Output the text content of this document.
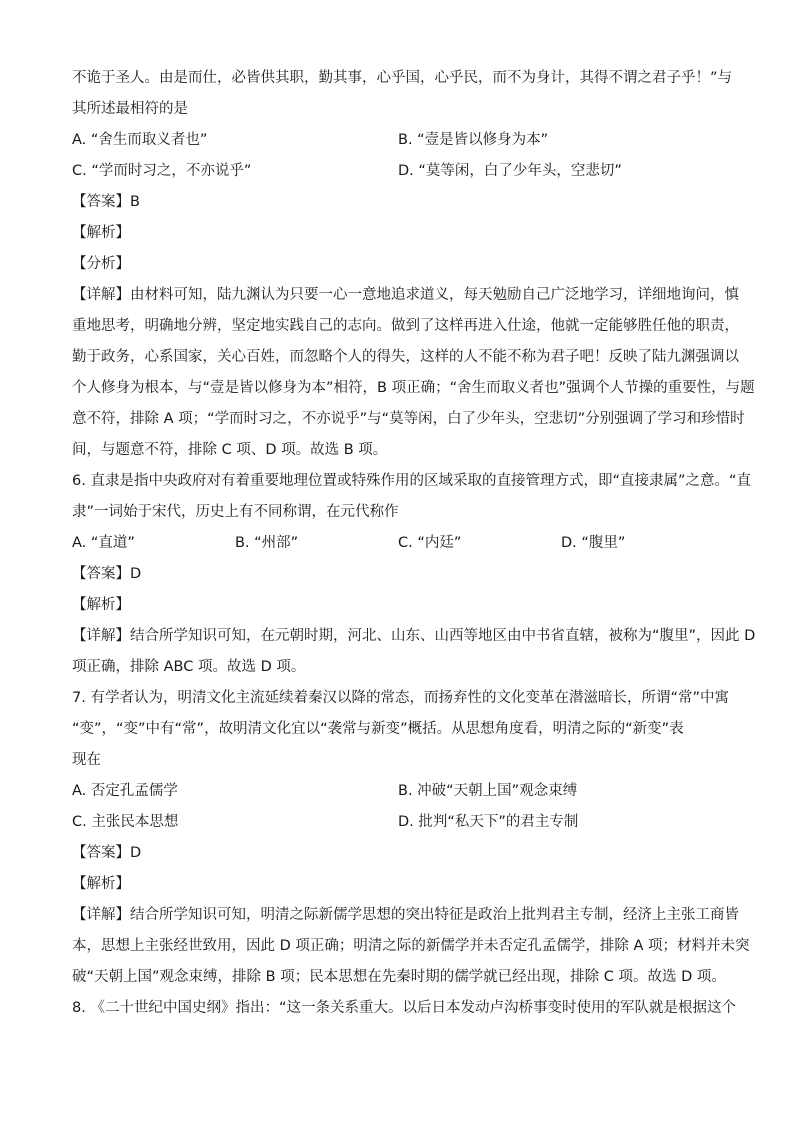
不诡于圣人。由是而仕，必皆供其职，勤其事，心乎国，心乎民，而不为身计，其得不谓之君子乎！”与

其所述最相符的是

A. “舍生而取义者也”	B. “壹是皆以修身为本”
C. “学而时习之，不亦说乎”	D. “莫等闲，白了少年头，空悲切”

【答案】B

【解析】

【分析】

【详解】由材料可知，陆九渊认为只要一心一意地追求道义，每天勉励自己广泛地学习，详细地询问，慎

重地思考，明确地分辨，坚定地实践自己的志向。做到了这样再进入仕途，他就一定能够胜任他的职责，

勤于政务，心系国家，关心百姓，而忽略个人的得失，这样的人不能不称为君子吧！反映了陆九渊强调以

个人修身为根本，与“壹是皆以修身为本”相符，B 项正确；“舍生而取义者也”强调个人节操的重要性，与题

意不符，排除 A 项；“学而时习之，不亦说乎”与“莫等闲，白了少年头，空悲切”分别强调了学习和珍惜时

间，与题意不符，排除 C 项、D 项。故选 B 项。

6. 直隶是指中央政府对有着重要地理位置或特殊作用的区域采取的直接管理方式，即“直接隶属”之意。“直

隶”一词始于宋代，历史上有不同称谓，在元代称作

A. “直道”	B. “州部”	C. “内廷”	D. “腹里”

【答案】D

【解析】

【详解】结合所学知识可知，在元朝时期，河北、山东、山西等地区由中书省直辖，被称为“腹里”，因此 D

项正确，排除 ABC 项。故选 D 项。

7. 有学者认为，明清文化主流延续着秦汉以降的常态，而扬弃性的文化变革在潜滋暗长，所谓“常”中寓

“变”，“变”中有“常”，故明清文化宜以“袭常与新变”概括。从思想角度看，明清之际的“新变”表

现在

A. 否定孔孟儒学	B. 冲破“天朝上国”观念束缚
C. 主张民本思想	D. 批判“私天下”的君主专制

【答案】D

【解析】

【详解】结合所学知识可知，明清之际新儒学思想的突出特征是政治上批判君主专制，经济上主张工商皆

本，思想上主张经世致用，因此 D 项正确；明清之际的新儒学并未否定孔孟儒学，排除 A 项；材料并未突

破“天朝上国”观念束缚，排除 B 项；民本思想在先秦时期的儒学就已经出现，排除 C 项。故选 D 项。

8. 《二十世纪中国史纲》指出：“这一条关系重大。以后日本发动卢沟桥事变时使用的军队就是根据这个
